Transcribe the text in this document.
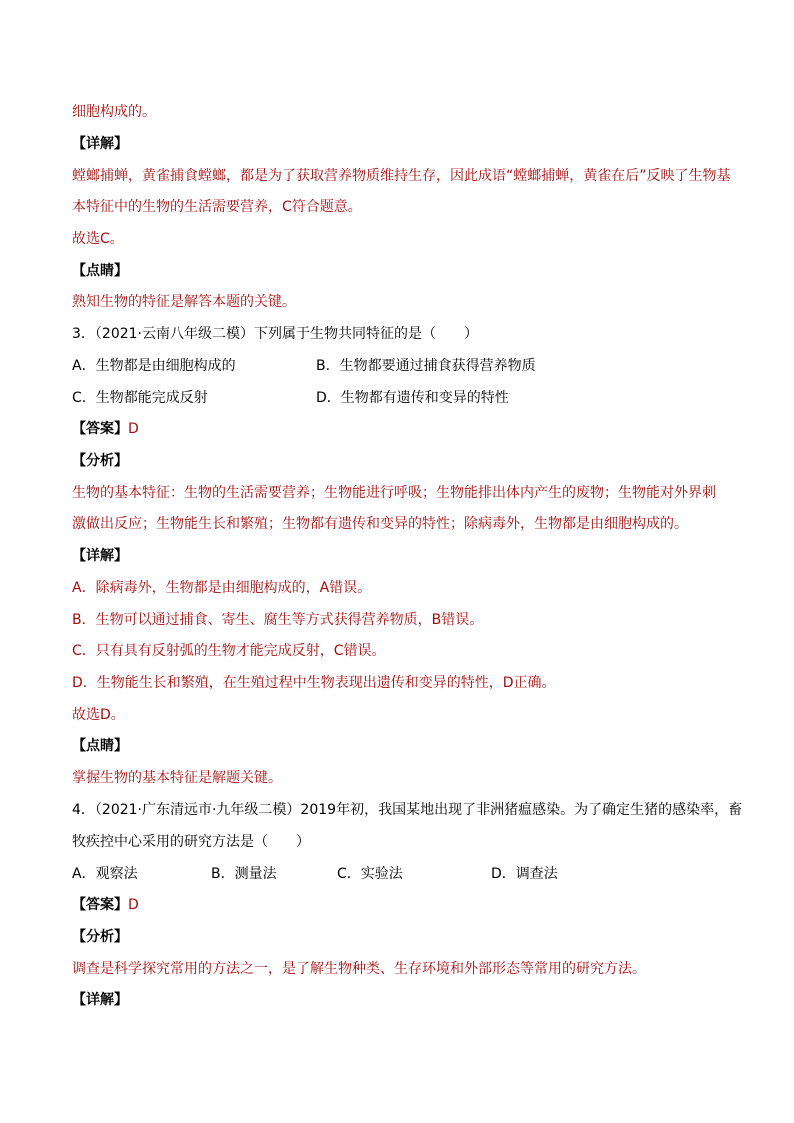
细胞构成的。
【详解】
螳螂捕蝉，黄雀捕食螳螂，都是为了获取营养物质维持生存，因此成语“螳螂捕蝉，黄雀在后”反映了生物基
本特征中的生物的生活需要营养，C符合题意。
故选C。
【点睛】
熟知生物的特征是解答本题的关键。
3．（2021·云南八年级二模）下列属于生物共同特征的是（　　）
A．生物都是由细胞构成的	B．生物都要通过捕食获得营养物质
C．生物都能完成反射	D．生物都有遗传和变异的特性
【答案】D
【分析】
生物的基本特征：生物的生活需要营养；生物能进行呼吸；生物能排出体内产生的废物；生物能对外界刺
激做出反应；生物能生长和繁殖；生物都有遗传和变异的特性；除病毒外，生物都是由细胞构成的。
【详解】
A．除病毒外，生物都是由细胞构成的，A错误。
B．生物可以通过捕食、寄生、腐生等方式获得营养物质，B错误。
C．只有具有反射弧的生物才能完成反射，C错误。
D．生物能生长和繁殖，在生殖过程中生物表现出遗传和变异的特性，D正确。
故选D。
【点睛】
掌握生物的基本特征是解题关键。
4．（2021·广东清远市·九年级二模）2019年初，我国某地出现了非洲猪瘟感染。为了确定生猪的感染率，畜
牧疾控中心采用的研究方法是（　　）
A．观察法	B．测量法	C．实验法	D．调查法
【答案】D
【分析】
调查是科学探究常用的方法之一，是了解生物种类、生存环境和外部形态等常用的研究方法。
【详解】
